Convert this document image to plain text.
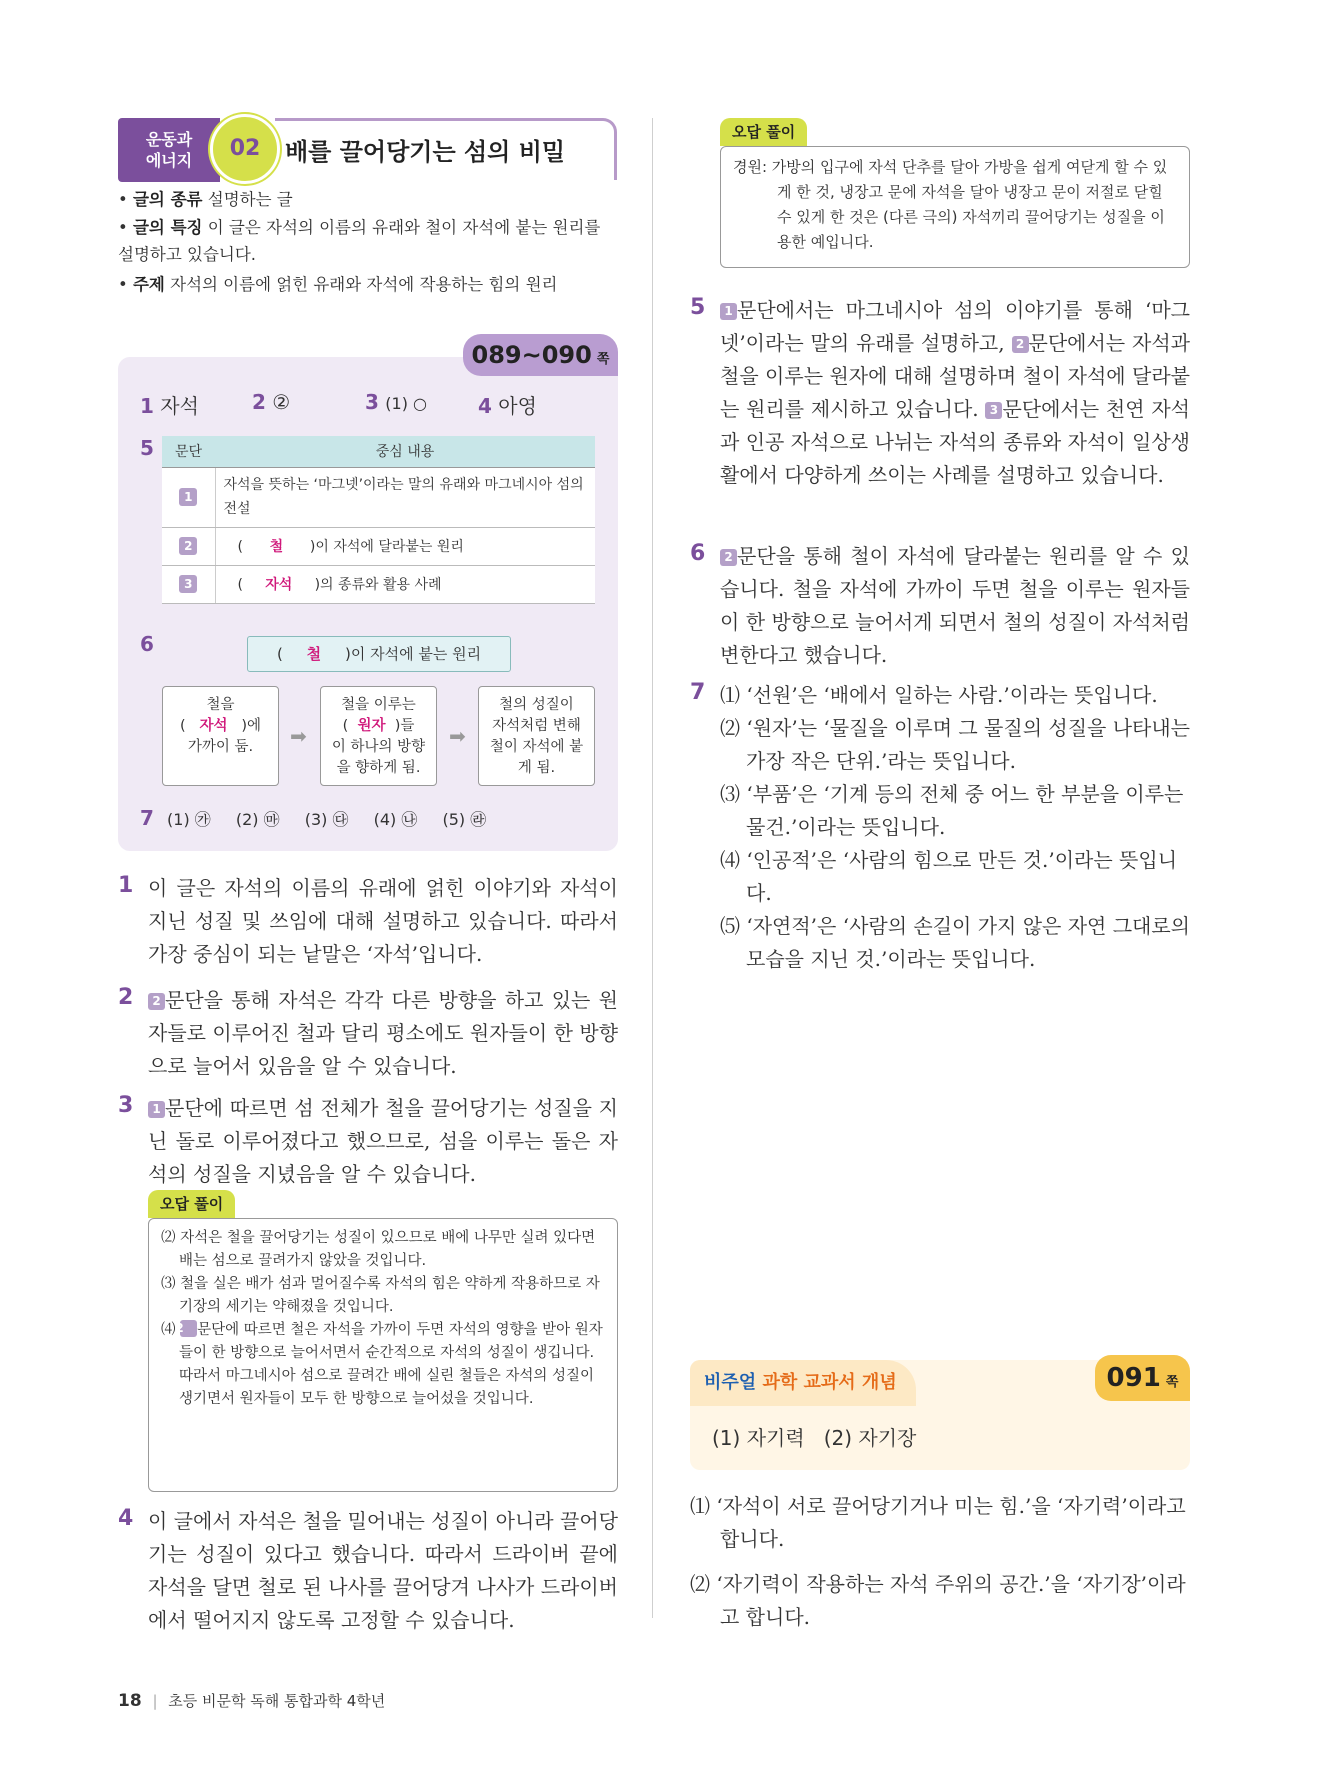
운동과
에너지	02	배를 끌어당기는 섬의 비밀
• 글의 종류 설명하는 글
• 글의 특징 이 글은 자석의 이름의 유래와 철이 자석에 붙는 원리를 설명하고 있습니다.
• 주제 자석의 이름에 얽힌 유래와 자석에 작용하는 힘의 원리
089~090 쪽
1 자석	2 ②	3 (1) ○	4 아영
5 문단	중심 내용
1	자석을 뜻하는 ‘마그넷’이라는 말의 유래와 마그네시아 섬의 전설
2	( 철 )이 자석에 달라붙는 원리
3	( 자석 )의 종류와 활용 사례
6	( 철 )이 자석에 붙는 원리
철을
( 자석 )에
가까이 둠.	➡
철을 이루는
( 원자 )들
이 하나의 방향
을 향하게 됨.
➡
철의 성질이
자석처럼 변해
철이 자석에 붙
게 됨.
7 (1) ㉮ (2) ㉲ (3) ㉰ (4) ㉯ (5) ㉱
1 이 글은 자석의 이름의 유래에 얽힌 이야기와 자석이 지닌 성질 및 쓰임에 대해 설명하고 있습니다. 따라서 가장 중심이 되는 낱말은 ‘자석’입니다.
2	2 문단을 통해 자석은 각각 다른 방향을 하고 있는 원자들로 이루어진 철과 달리 평소에도 원자들이 한 방향으로 늘어서 있음을 알 수 있습니다.
3	1 문단에 따르면 섬 전체가 철을 끌어당기는 성질을 지닌 돌로 이루어졌다고 했으므로, 섬을 이루는 돌은 자석의 성질을 지녔음을 알 수 있습니다.
오답 풀이
⑵ 자석은 철을 끌어당기는 성질이 있으므로 배에 나무만 실려 있다면 배는 섬으로 끌려가지 않았을 것입니다.
⑶ 철을 실은 배가 섬과 멀어질수록 자석의 힘은 약하게 작용하므로 자기장의 세기는 약해졌을 것입니다.
⑷ 2 문단에 따르면 철은 자석을 가까이 두면 자석의 영향을 받아 원자들이 한 방향으로 늘어서면서 순간적으로 자석의 성질이 생깁니다. 따라서 마그네시아 섬으로 끌려간 배에 실린 철들은 자석의 성질이 생기면서 원자들이 모두 한 방향으로 늘어섰을 것입니다.
4 이 글에서 자석은 철을 밀어내는 성질이 아니라 끌어당기는 성질이 있다고 했습니다. 따라서 드라이버 끝에 자석을 달면 철로 된 나사를 끌어당겨 나사가 드라이버에서 떨어지지 않도록 고정할 수 있습니다.
오답 풀이
경원: 가방의 입구에 자석 단추를 달아 가방을 쉽게 여닫게 할 수 있게 한 것, 냉장고 문에 자석을 달아 냉장고 문이 저절로 닫힐 수 있게 한 것은 (다른 극의) 자석끼리 끌어당기는 성질을 이용한 예입니다.
5	1 문단에서는 마그네시아 섬의 이야기를 통해 ‘마그넷’이라는 말의 유래를 설명하고, 2 문단에서는 자석과 철을 이루는 원자에 대해 설명하며 철이 자석에 달라붙는 원리를 제시하고 있습니다. 3 문단에서는 천연 자석과 인공 자석으로 나뉘는 자석의 종류와 자석이 일상생활에서 다양하게 쓰이는 사례를 설명하고 있습니다.
6	2 문단을 통해 철이 자석에 달라붙는 원리를 알 수 있습니다. 철을 자석에 가까이 두면 철을 이루는 원자들이 한 방향으로 늘어서게 되면서 철의 성질이 자석처럼 변한다고 했습니다.
7 ⑴ ‘선원’은 ‘배에서 일하는 사람.’이라는 뜻입니다.
⑵ ‘원자’는 ‘물질을 이루며 그 물질의 성질을 나타내는 가장 작은 단위.’라는 뜻입니다.
⑶ ‘부품’은 ‘기계 등의 전체 중 어느 한 부분을 이루는 물건.’이라는 뜻입니다.
⑷ ‘인공적’은 ‘사람의 힘으로 만든 것.’이라는 뜻입니다.
⑸ ‘자연적’은 ‘사람의 손길이 가지 않은 자연 그대로의 모습을 지닌 것.’이라는 뜻입니다.
비주얼 과학 교과서 개념	091 쪽
(1) 자기력   (2) 자기장
⑴ ‘자석이 서로 끌어당기거나 미는 힘.’을 ‘자기력’이라고 합니다.
⑵ ‘자기력이 작용하는 자석 주위의 공간.’을 ‘자기장’이라고 합니다.
18 | 초등 비문학 독해 통합과학 4학년
